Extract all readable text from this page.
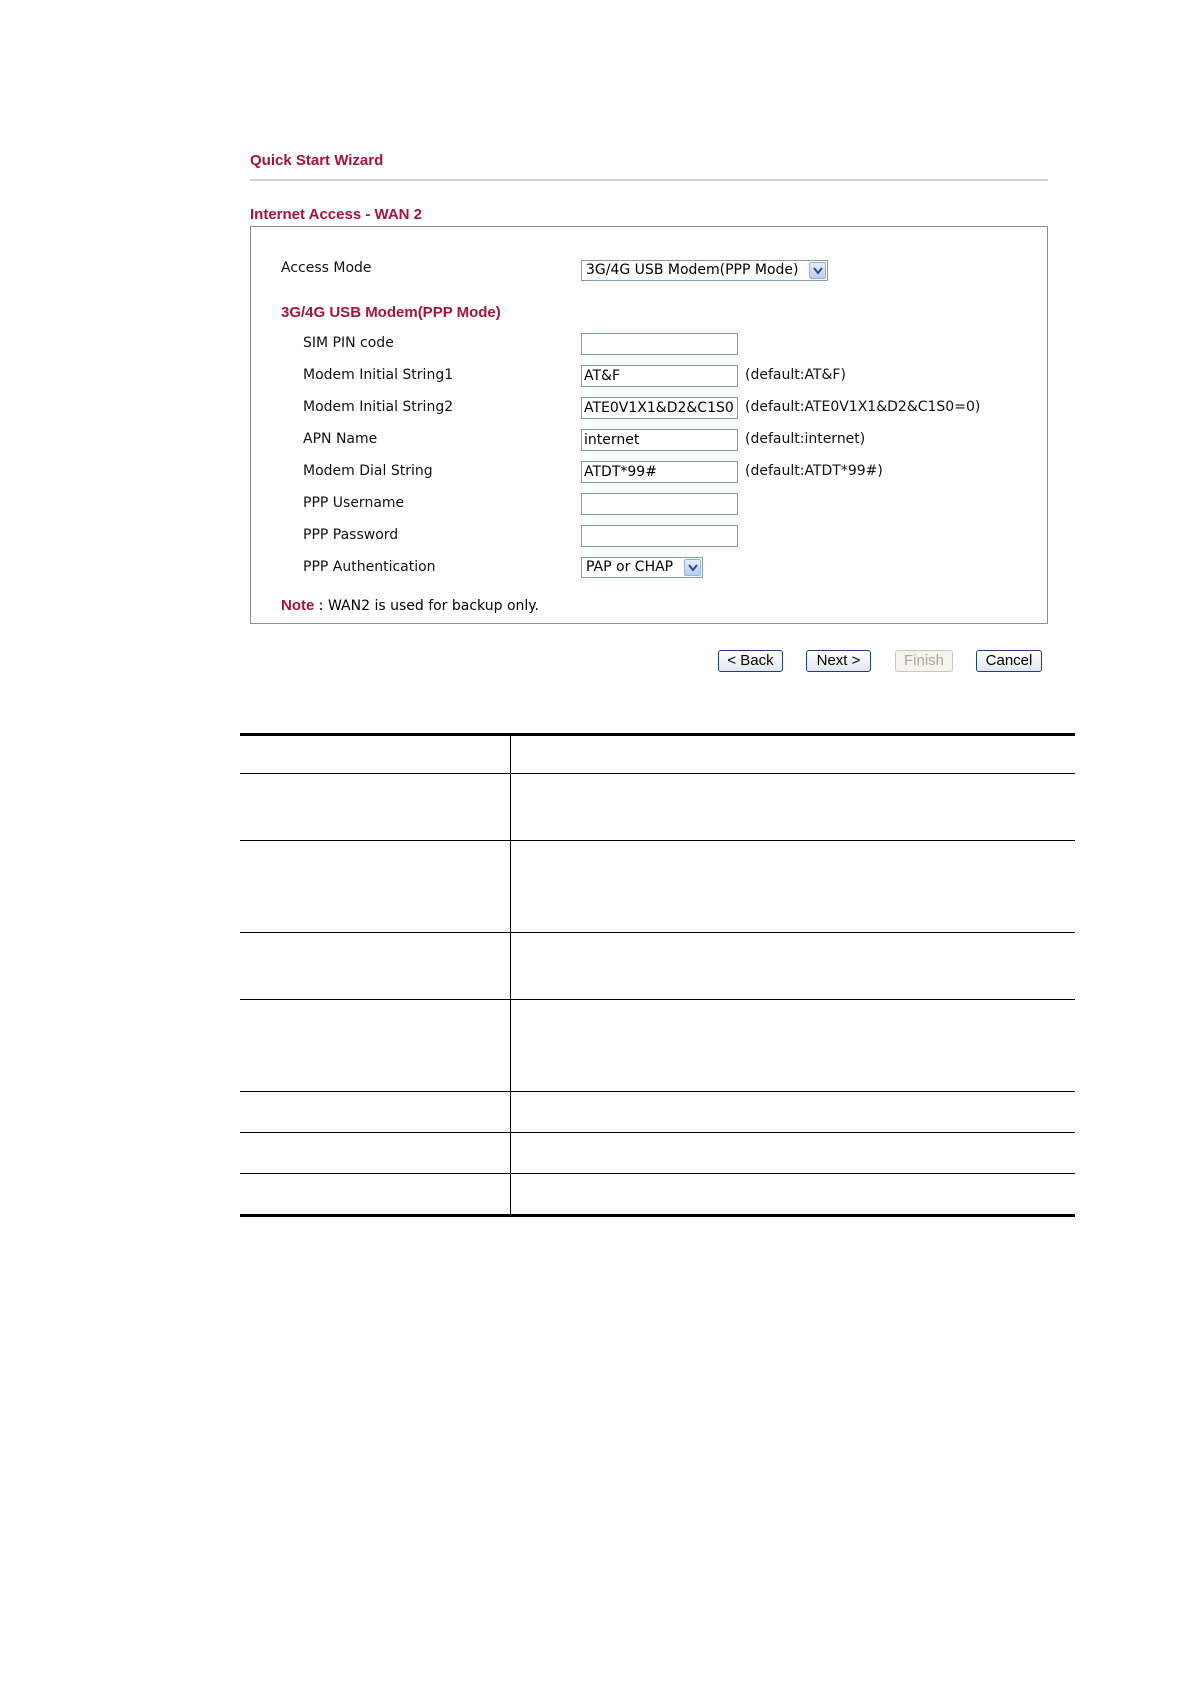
Quick Start Wizard
Internet Access - WAN 2
Access Mode	3G/4G USB Modem(PPP Mode)
3G/4G USB Modem(PPP Mode)
SIM PIN code
Modem Initial String1	AT&F	(default:AT&F)
Modem Initial String2	ATE0V1X1&D2&C1S0 (default:ATE0V1X1&D2&C1S0=0)
APN Name	internet	(default:internet)
Modem Dial String	ATDT*99#	(default:ATDT*99#)
PPP Username
PPP Password
PPP Authentication	PAP or CHAP
Note : WAN2 is used for backup only.
< Back	Next >	Finish	Cancel
